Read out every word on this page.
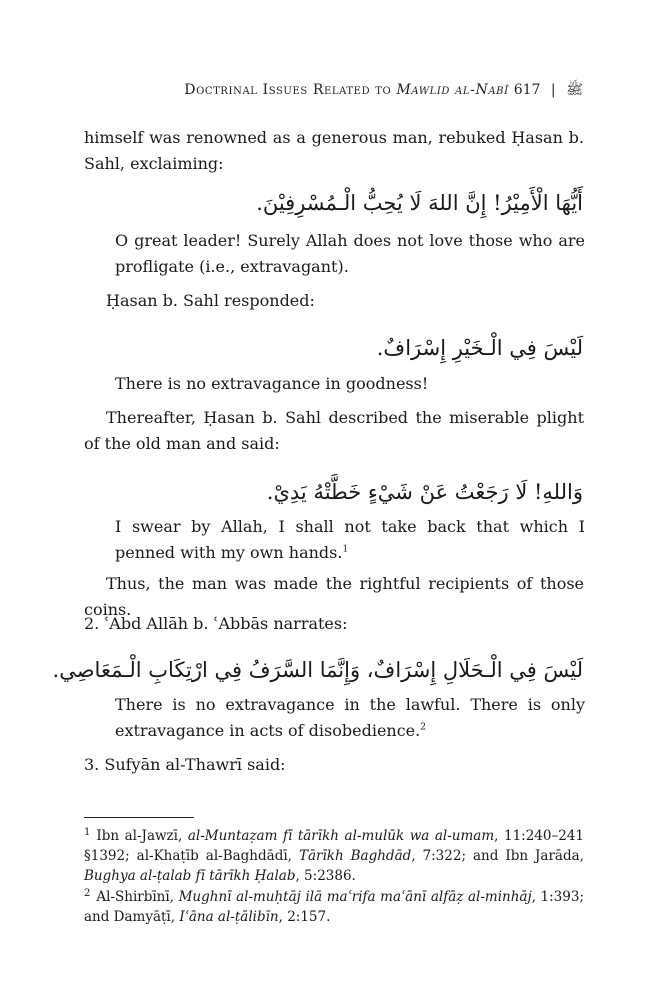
Doctrinal Issues Related to Mawlid al-Nabī	ﷺ | 617

himself was renowned as a generous man, rebuked Ḥasan b. Sahl, exclaiming:

أَيُّهَا الْأَمِيْرُ! إِنَّ اللهَ لَا يُحِبُّ الْـمُسْرِفِيْنَ.

O great leader! Surely Allah does not love those who are profligate (i.e., extravagant).

Ḥasan b. Sahl responded:

لَيْسَ فِي الْـخَيْرِ إِسْرَافٌ.

There is no extravagance in goodness!

Thereafter, Ḥasan b. Sahl described the miserable plight of the old man and said:

وَاللهِ! لَا رَجَعْتُ عَنْ شَيْءٍ خَطَّتْهُ يَدِيْ.

I swear by Allah, I shall not take back that which I penned with my own hands.$^1$

Thus, the man was made the rightful recipients of those coins.

2. ʿAbd Allāh b. ʿAbbās narrates:

لَيْسَ فِي الْـحَلَالِ إِسْرَافٌ، وَإِنَّمَا السَّرَفُ فِي ارْتِكَابِ الْـمَعَاصِي.

There is no extravagance in the lawful. There is only extravagance in acts of disobedience.$^2$

3. Sufyān al-Thawrī said:

$^1$ Ibn al-Jawzī, al-Muntaẓam fī tārīkh al-mulūk wa al-umam, 11:240–241 §1392; al-Khaṭīb al-Baghdādī, Tārīkh Baghdād, 7:322; and Ibn Jarāda, Bughya al-ṭalab fī tārīkh Ḥalab, 5:2386.

$^2$ Al-Shirbīnī, Mughnī al-muḥtāj ilā maʿrifa maʿānī alfāẓ al-minhāj, 1:393; and Damyāṭī, Iʿāna al-ṭālibīn, 2:157.
